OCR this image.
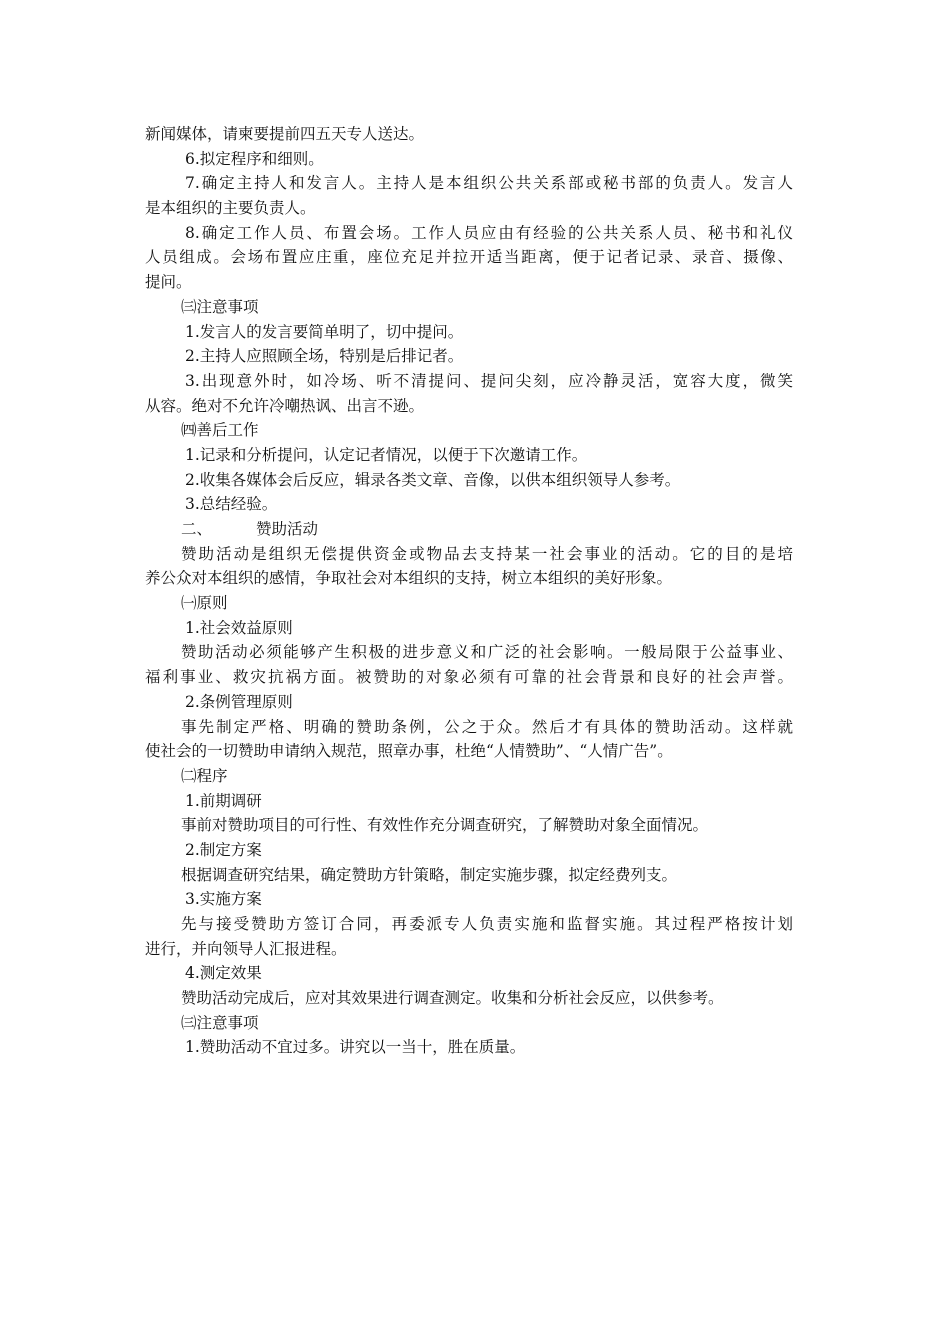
新闻媒体，请柬要提前四五天专人送达。
6.拟定程序和细则。
7.确定主持人和发言人。主持人是本组织公共关系部或秘书部的负责人。发言人
是本组织的主要负责人。
8.确定工作人员、布置会场。工作人员应由有经验的公共关系人员、秘书和礼仪
人员组成。会场布置应庄重，座位充足并拉开适当距离，便于记者记录、录音、摄像、
提问。
㈢注意事项
1.发言人的发言要简单明了，切中提问。
2.主持人应照顾全场，特别是后排记者。
3.出现意外时，如冷场、听不清提问、提问尖刻，应冷静灵活，宽容大度，微笑
从容。绝对不允许冷嘲热讽、出言不逊。
㈣善后工作
1.记录和分析提问，认定记者情况，以便于下次邀请工作。
2.收集各媒体会后反应，辑录各类文章、音像，以供本组织领导人参考。
3.总结经验。
二、	赞助活动
赞助活动是组织无偿提供资金或物品去支持某一社会事业的活动。它的目的是培
养公众对本组织的感情，争取社会对本组织的支持，树立本组织的美好形象。
㈠原则
1.社会效益原则
赞助活动必须能够产生积极的进步意义和广泛的社会影响。一般局限于公益事业、
福利事业、救灾抗祸方面。被赞助的对象必须有可靠的社会背景和良好的社会声誉。
2.条例管理原则
事先制定严格、明确的赞助条例，公之于众。然后才有具体的赞助活动。这样就
使社会的一切赞助申请纳入规范，照章办事，杜绝“人情赞助”、“人情广告”。
㈡程序
1.前期调研
事前对赞助项目的可行性、有效性作充分调查研究，了解赞助对象全面情况。
2.制定方案
根据调查研究结果，确定赞助方针策略，制定实施步骤，拟定经费列支。
3.实施方案
先与接受赞助方签订合同，再委派专人负责实施和监督实施。其过程严格按计划
进行，并向领导人汇报进程。
4.测定效果
赞助活动完成后，应对其效果进行调查测定。收集和分析社会反应，以供参考。
㈢注意事项
1.赞助活动不宜过多。讲究以一当十，胜在质量。
